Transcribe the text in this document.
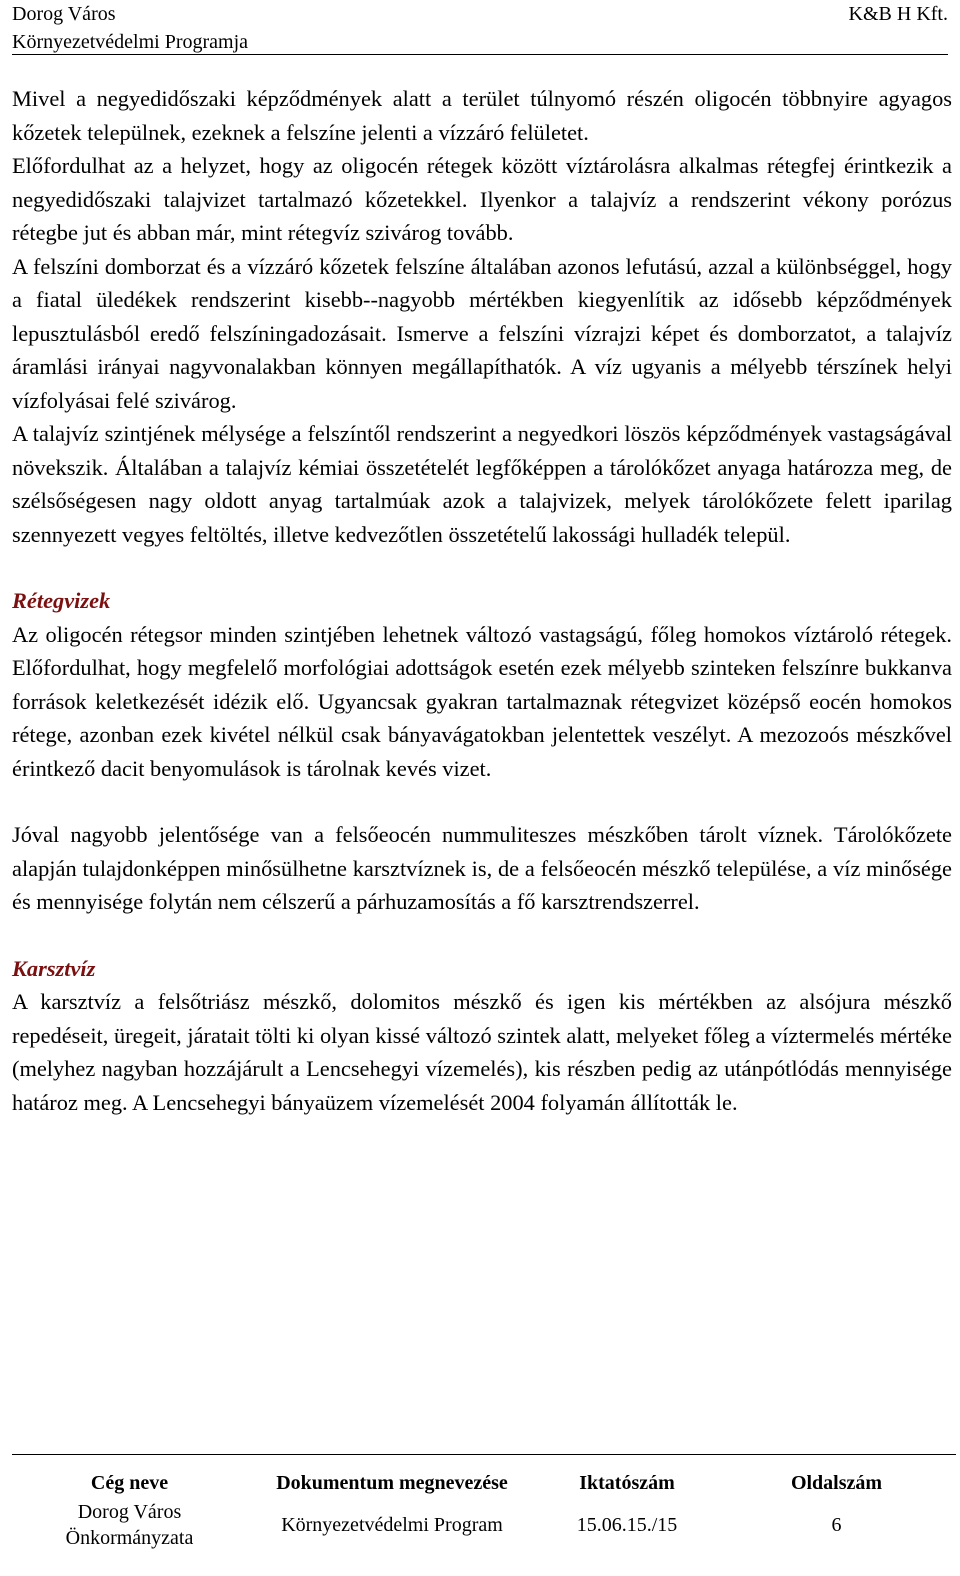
Dorog Város
Környezetvédelmi Programja
K&B H Kft.

Mivel a negyedidőszaki képződmények alatt a terület túlnyomó részén oligocén többnyire agyagos kőzetek települnek, ezeknek a felszíne jelenti a vízzáró felületet.

Előfordulhat az a helyzet, hogy az oligocén rétegek között víztárolásra alkalmas rétegfej érintkezik a negyedidőszaki talajvizet tartalmazó kőzetekkel. Ilyenkor a talajvíz a rendszerint vékony porózus rétegbe jut és abban már, mint rétegvíz szivárog tovább.

A felszíni domborzat és a vízzáró kőzetek felszíne általában azonos lefutású, azzal a különbséggel, hogy a fiatal üledékek rendszerint kisebb--nagyobb mértékben kiegyenlítik az idősebb képződmények lepusztulásból eredő felszíningadozásait. Ismerve a felszíni vízrajzi képet és domborzatot, a talajvíz áramlási irányai nagyvonalakban könnyen megállapíthatók. A víz ugyanis a mélyebb térszínek helyi vízfolyásai felé szivárog.

A talajvíz szintjének mélysége a felszíntől rendszerint a negyedkori löszös képződmények vastagságával növekszik. Általában a talajvíz kémiai összetételét legfőképpen a tárolókőzet anyaga határozza meg, de szélsőségesen nagy oldott anyag tartalmúak azok a talajvizek, melyek tárolókőzete felett iparilag szennyezett vegyes feltöltés, illetve kedvezőtlen összetételű lakossági hulladék települ.

Rétegvizek

Az oligocén rétegsor minden szintjében lehetnek változó vastagságú, főleg homokos víztároló rétegek. Előfordulhat, hogy megfelelő morfológiai adottságok esetén ezek mélyebb szinteken felszínre bukkanva források keletkezését idézik elő. Ugyancsak gyakran tartalmaznak rétegvizet középső eocén homokos rétege, azonban ezek kivétel nélkül csak bányavágatokban jelentettek veszélyt. A mezozoós mészkővel érintkező dacit benyomulások is tárolnak kevés vizet.

Jóval nagyobb jelentősége van a felsőeocén nummuliteszes mészkőben tárolt víznek. Tárolókőzete alapján tulajdonképpen minősülhetne karsztvíznek is, de a felsőeocén mészkő települése, a víz minősége és mennyisége folytán nem célszerű a párhuzamosítás a fő karsztrendszerrel.

Karsztvíz

A karsztvíz a felsőtriász mészkő, dolomitos mészkő és igen kis mértékben az alsójura mészkő repedéseit, üregeit, járatait tölti ki olyan kissé változó szintek alatt, melyeket főleg a víztermelés mértéke (melyhez nagyban hozzájárult a Lencsehegyi vízemelés), kis részben pedig az utánpótlódás mennyisége határoz meg. A Lencsehegyi bányaüzem vízemelését 2004 folyamán állították le.

Cég neve	Dokumentum megnevezése	Iktatószám	Oldalszám

Dorog Város
Önkormányzata	Környezetvédelmi Program	15.06.15./15	6
